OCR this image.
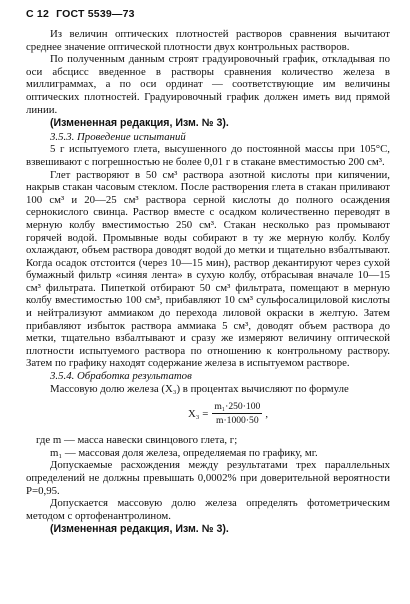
С 12 ГОСТ 5539—73

Из величин оптических плотностей растворов сравнения вычитают среднее значение оптической плотности двух контрольных растворов.

По полученным данным строят градуировочный график, откладывая по оси абсцисс введенное в растворы сравнения количество железа в миллиграммах, а по оси ординат — соответствующие им величины оптических плотностей. Градуировочный график должен иметь вид прямой линии.

(Измененная редакция, Изм. № 3).

3.5.3. Проведение испытаний

5 г испытуемого глета, высушенного до постоянной массы при 105°С, взвешивают с погрешностью не более 0,01 г в стакане вместимостью 200 см³.

Глет растворяют в 50 см³ раствора азотной кислоты при кипячении, накрыв стакан часовым стеклом. После растворения глета в стакан приливают 100 см³ и 20—25 см³ раствора серной кислоты до полного осаждения сернокислого свинца. Раствор вместе с осадком количественно переводят в мерную колбу вместимостью 250 см³. Стакан несколько раз промывают горячей водой. Промывные воды собирают в ту же мерную колбу. Колбу охлаждают, объем раствора доводят водой до метки и тщательно взбалтывают. Когда осадок отстоится (через 10—15 мин), раствор декантируют через сухой бумажный фильтр «синяя лента» в сухую колбу, отбрасывая вначале 10—15 см³ фильтрата. Пипеткой отбирают 50 см³ фильтрата, помещают в мерную колбу вместимостью 100 см³, прибавляют 10 см³ сульфосалициловой кислоты и нейтрализуют аммиаком до перехода лиловой окраски в желтую. Затем прибавляют избыток раствора аммиака 5 см³, доводят объем раствора до метки, тщательно взбалтывают и сразу же измеряют величину оптической плотности испытуемого раствора по отношению к контрольному раствору. Затем по графику находят содержание железа в испытуемом растворе.

3.5.4. Обработка результатов

Массовую долю железа (X₃) в процентах вычисляют по формуле

$X_3 = \frac{\text{m₁·250·100}}{m\cdot 1000\cdot 50}$ ,

где m — масса навески свинцового глета, г;

m₁ — массовая доля железа, определяемая по графику, мг.

Допускаемые расхождения между результатами трех параллельных определений не должны превышать 0,0002% при доверительной вероятности P=0,95.

Допускается массовую долю железа определять фотометрическим методом с ортофенантролином.

(Измененная редакция, Изм. № 3).
